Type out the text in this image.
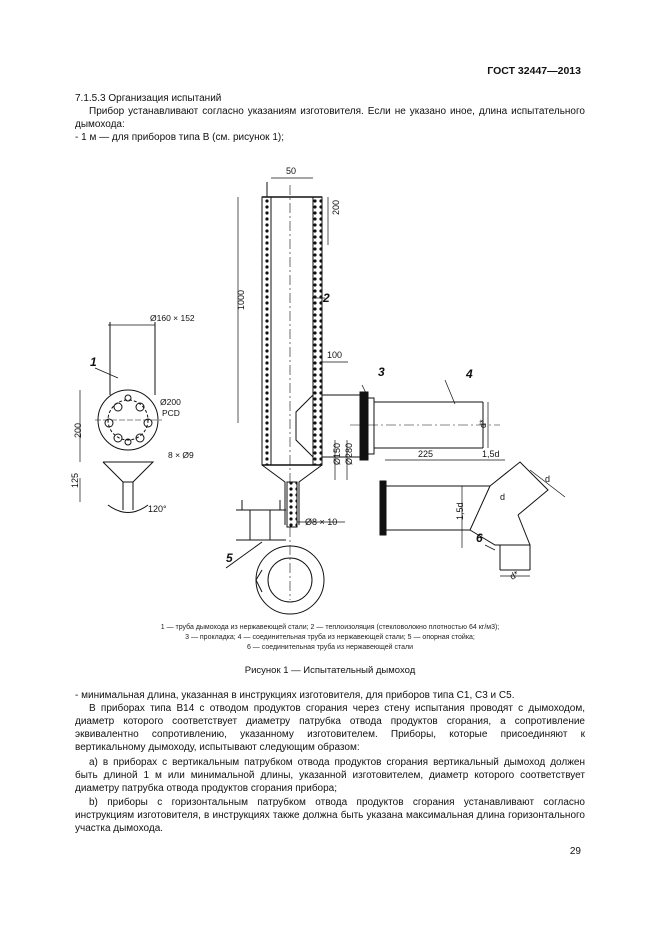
ГОСТ 32447—2013
7.1.5.3 Организация испытаний
Прибор устанавливают согласно указаниям изготовителя. Если не указано иное, длина испытательного дымохода:
- 1 м — для приборов типа В (см. рисунок 1);
50
200
1000
100
Ø160 × 152
Ø200
PCD
8 × Ø9
200
125
120°
Ø150 Ø280
Ø8 × 10
225	1,5d
1,5d
d
d*
d*
d
1
2
3	4
5
6
1 — труба дымохода из нержавеющей стали; 2 — теплоизоляция (стекловолокно плотностью 64 кг/м3);
3 — прокладка; 4 — соединительная труба из нержавеющей стали; 5 — опорная стойка;
6 — соединительная труба из нержавеющей стали
Рисунок 1 — Испытательный дымоход
- минимальная длина, указанная в инструкциях изготовителя, для приборов типа С1, С3 и С5.
В приборах типа В14 с отводом продуктов сгорания через стену испытания проводят с дымоходом, диаметр которого соответствует диаметру патрубка отвода продуктов сгорания, а сопротивление эквивалентно сопротивлению, указанному изготовителем. Приборы, которые присоединяют к вертикальному дымоходу, испытывают следующим образом:
а) в приборах с вертикальным патрубком отвода продуктов сгорания вертикальный дымоход должен быть длиной 1 м или минимальной длины, указанной изготовителем, диаметр которого соответствует диаметру патрубка отвода продуктов сгорания прибора;
b) приборы с горизонтальным патрубком отвода продуктов сгорания устанавливают согласно инструкциям изготовителя, в инструкциях также должна быть указана максимальная длина горизонтального участка дымохода.
29
